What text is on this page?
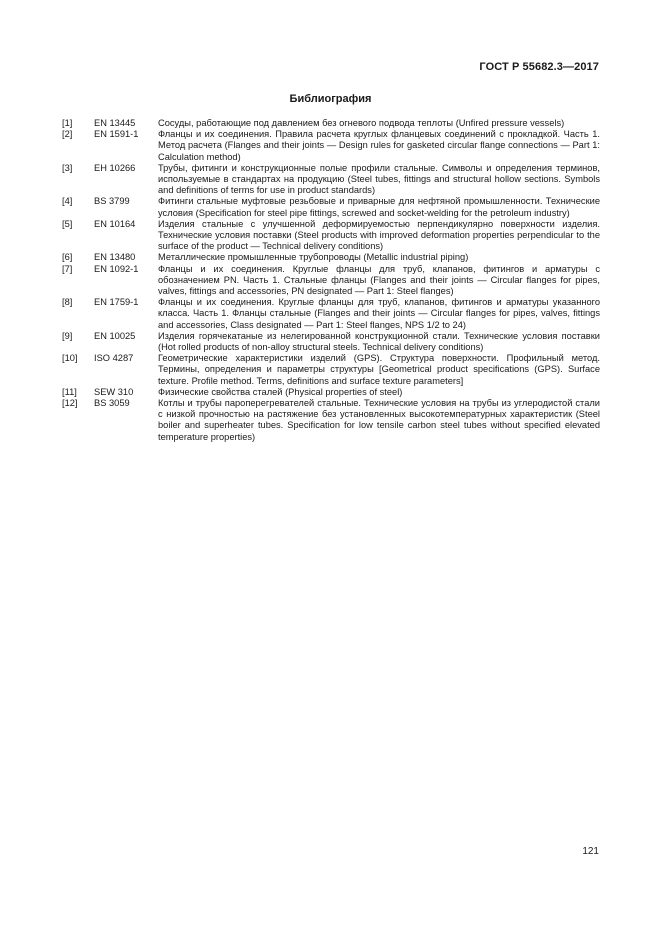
ГОСТ Р 55682.3—2017
Библиография
[1]	EN 13445	Сосуды, работающие под давлением без огневого подвода теплоты (Unfired pressure vessels)
[2]	EN 1591-1	Фланцы и их соединения. Правила расчета круглых фланцевых соединений с прокладкой. Часть 1. Метод расчета (Flanges and their joints — Design rules for gasketed circular flange connections — Part 1: Calculation method)
[3]	EH 10266	Трубы, фитинги и конструкционные полые профили стальные. Символы и определения терминов, используемые в стандартах на продукцию (Steel tubes, fittings and structural hollow sections. Symbols and definitions of terms for use in product standards)
[4]	BS 3799	Фитинги стальные муфтовые резьбовые и приварные для нефтяной промышленности. Технические условия (Specification for steel pipe fittings, screwed and socket-welding for the petroleum industry)
[5]	EN 10164	Изделия стальные с улучшенной деформируемостью перпендикулярно поверхности изделия. Технические условия поставки (Steel products with improved deformation properties perpendicular to the surface of the product — Technical delivery conditions)
[6]	EN 13480	Металлические промышленные трубопроводы (Metallic industrial piping)
[7]	EN 1092-1	Фланцы и их соединения. Круглые фланцы для труб, клапанов, фитингов и арматуры с обозначением PN. Часть 1. Стальные фланцы (Flanges and their joints — Circular flanges for pipes, valves, fittings and accessories, PN designated — Part 1: Steel flanges)
[8]	EN 1759-1	Фланцы и их соединения. Круглые фланцы для труб, клапанов, фитингов и арматуры указанного класса. Часть 1. Фланцы стальные (Flanges and their joints — Circular flanges for pipes, valves, fittings and accessories, Class designated — Part 1: Steel flanges, NPS 1/2 to 24)
[9]	EN 10025	Изделия горячекатаные из нелегированной конструкционной стали. Технические условия поставки (Hot rolled products of non-alloy structural steels. Technical delivery conditions)
[10]	ISO 4287	Геометрические характеристики изделий (GPS). Структура поверхности. Профильный метод. Термины, определения и параметры структуры [Geometrical product specifications (GPS). Surface texture. Profile method. Terms, definitions and surface texture parameters]
[11]	SEW 310	Физические свойства сталей (Physical properties of steel)
[12]	BS 3059	Котлы и трубы пароперегревателей стальные. Технические условия на трубы из углеродистой стали с низкой прочностью на растяжение без установленных высокотемпературных характеристик (Steel boiler and superheater tubes. Specification for low tensile carbon steel tubes without specified elevated temperature properties)
121
